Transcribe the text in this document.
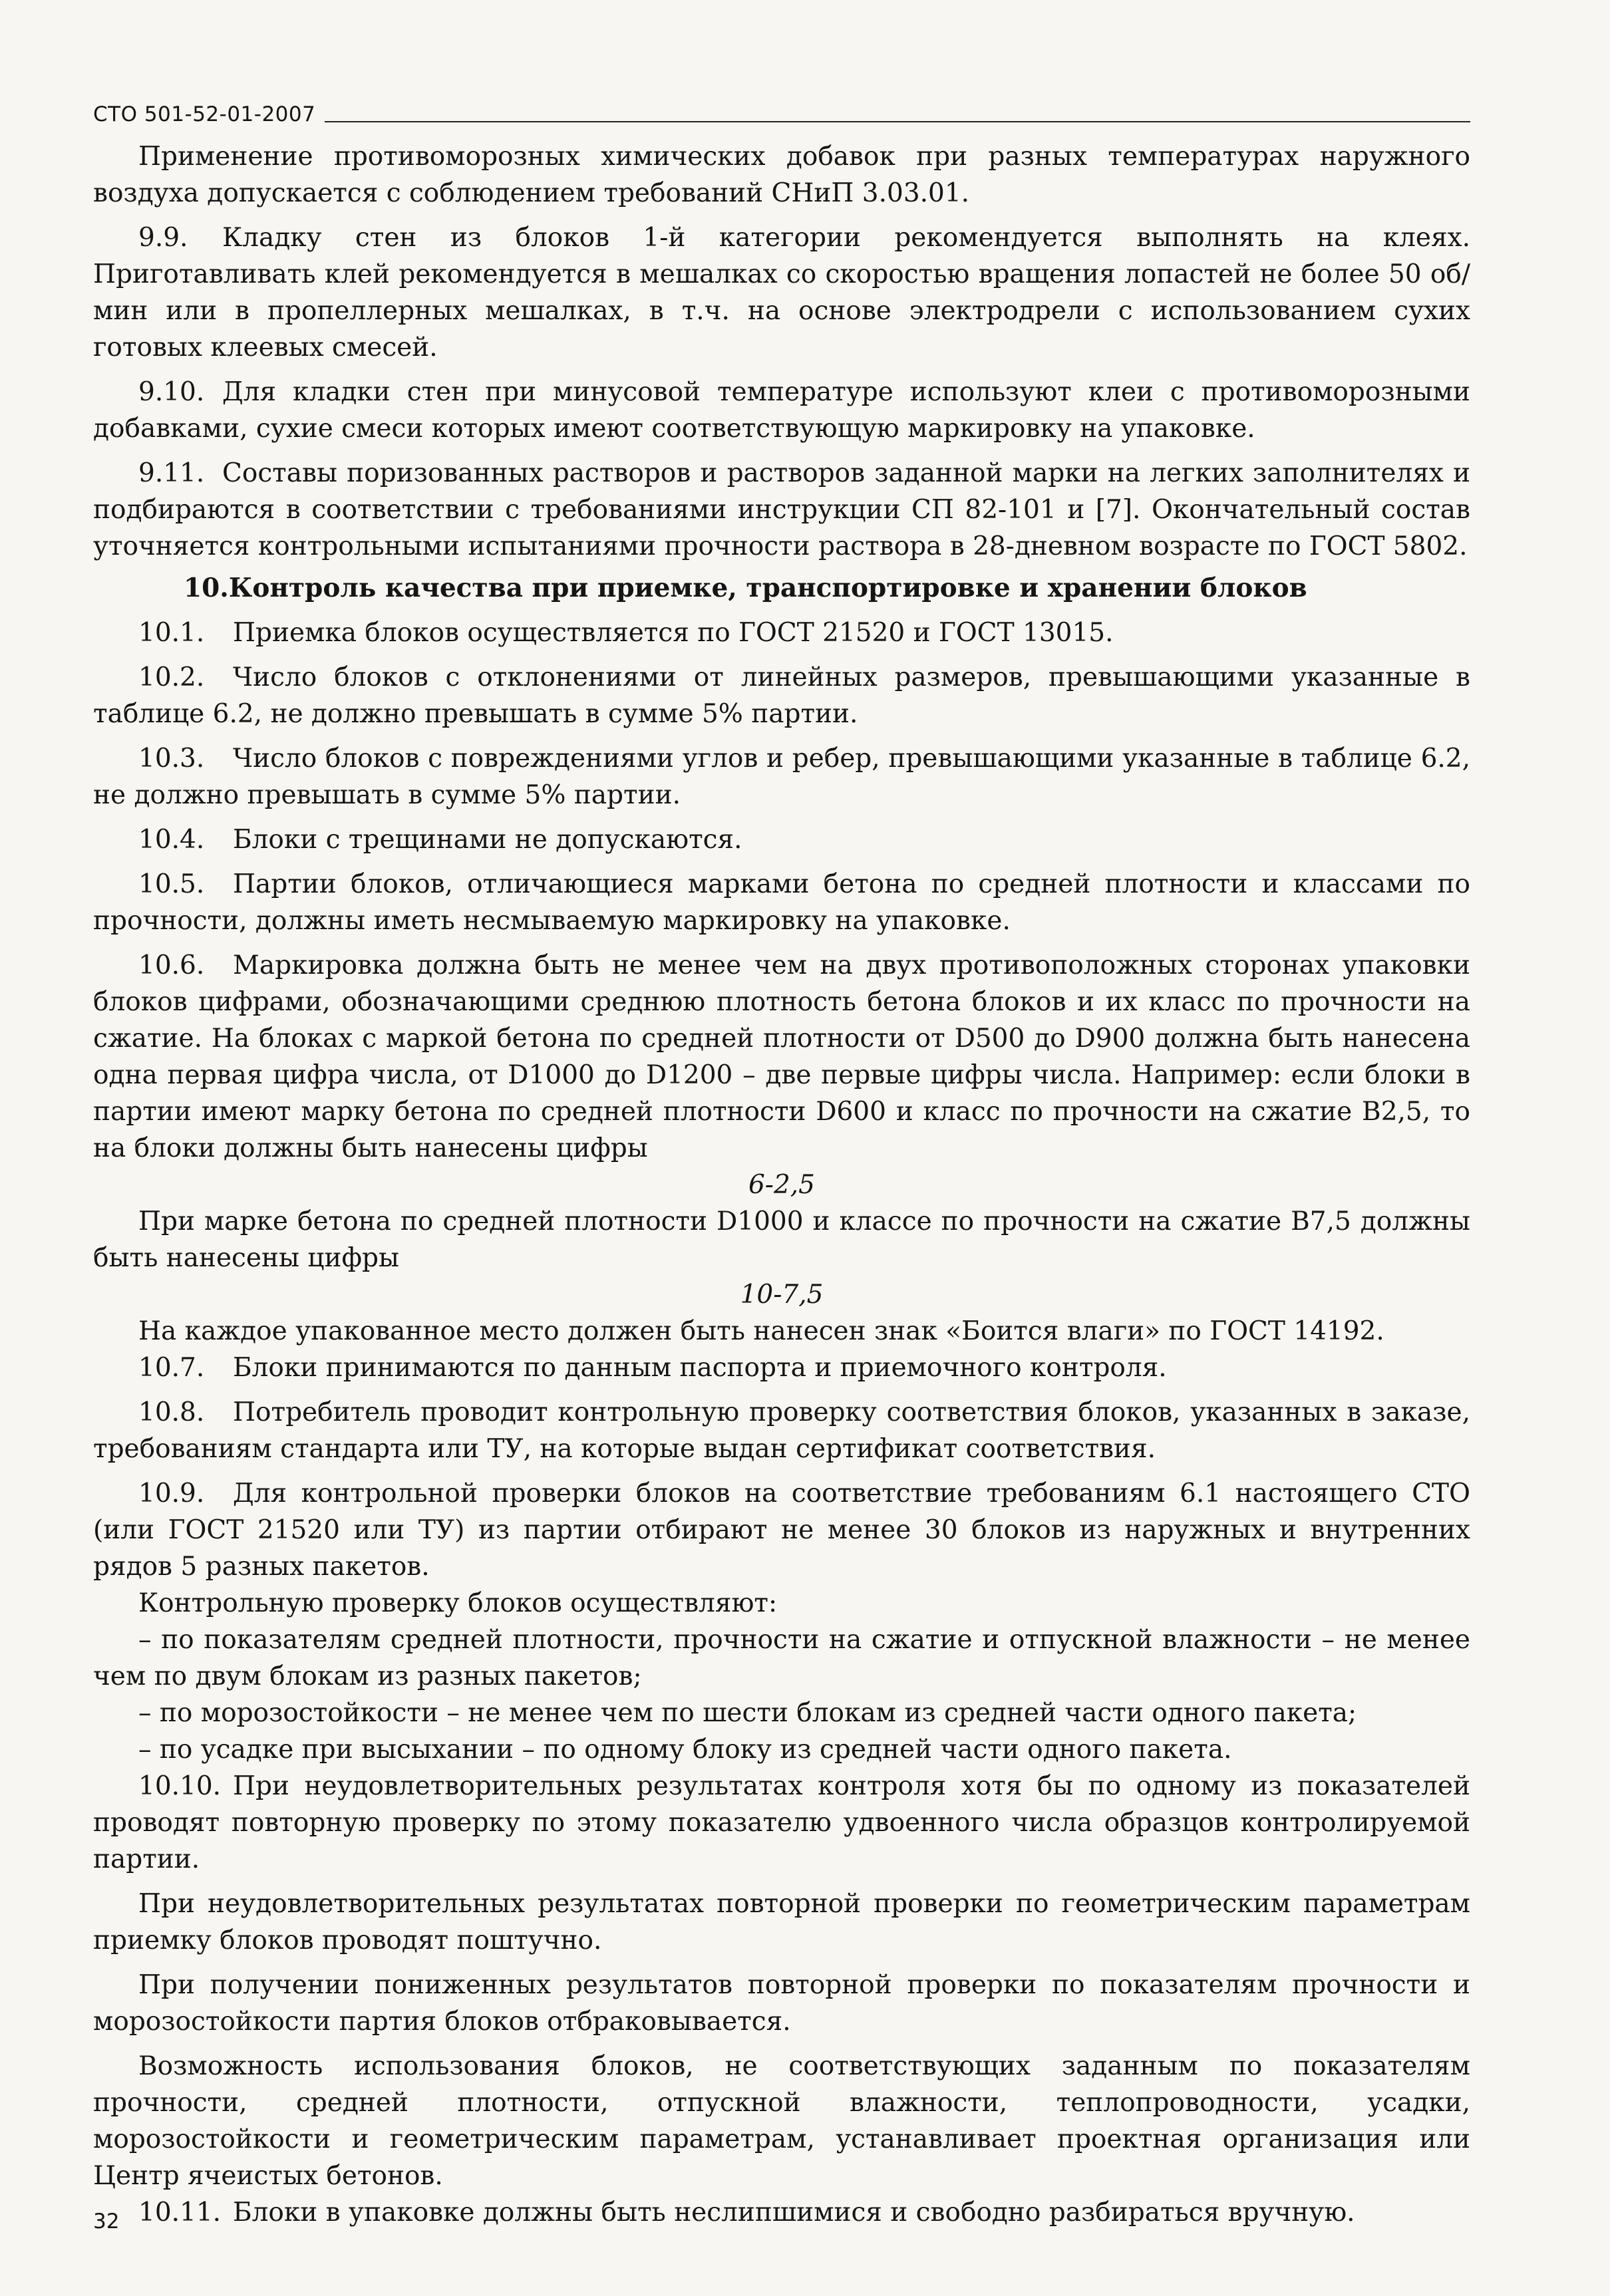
СТО 501-52-01-2007

Применение противоморозных химических добавок при разных температурах наружного воздуха допускается с соблюдением требований СНиП 3.03.01.

9.9. Кладку стен из блоков 1-й категории рекомендуется выполнять на клеях. Приготавливать клей рекомендуется в мешалках со скоростью вращения лопастей не более 50 об/мин или в пропеллерных мешалках, в т.ч. на основе электродрели с использованием сухих готовых клеевых смесей.

9.10. Для кладки стен при минусовой температуре используют клеи с противоморозными добавками, сухие смеси которых имеют соответствующую маркировку на упаковке.

9.11. Составы поризованных растворов и растворов заданной марки на легких заполнителях и подбираются в соответствии с требованиями инструкции СП 82-101 и [7]. Окончательный состав уточняется контрольными испытаниями прочности раствора в 28-дневном возрасте по ГОСТ 5802.

10.Контроль качества при приемке, транспортировке и хранении блоков

10.1. Приемка блоков осуществляется по ГОСТ 21520 и ГОСТ 13015.

10.2. Число блоков с отклонениями от линейных размеров, превышающими указанные в таблице 6.2, не должно превышать в сумме 5% партии.

10.3. Число блоков с повреждениями углов и ребер, превышающими указанные в таблице 6.2, не должно превышать в сумме 5% партии.

10.4. Блоки с трещинами не допускаются.

10.5. Партии блоков, отличающиеся марками бетона по средней плотности и классами по прочности, должны иметь несмываемую маркировку на упаковке.

10.6. Маркировка должна быть не менее чем на двух противоположных сторонах упаковки блоков цифрами, обозначающими среднюю плотность бетона блоков и их класс по прочности на сжатие. На блоках с маркой бетона по средней плотности от D500 до D900 должна быть нанесена одна первая цифра числа, от D1000 до D1200 – две первые цифры числа. Например: если блоки в партии имеют марку бетона по средней плотности D600 и класс по прочности на сжатие В2,5, то на блоки должны быть нанесены цифры

6-2,5

При марке бетона по средней плотности D1000 и классе по прочности на сжатие В7,5 должны быть нанесены цифры

10-7,5

На каждое упакованное место должен быть нанесен знак «Боится влаги» по ГОСТ 14192.

10.7. Блоки принимаются по данным паспорта и приемочного контроля.

10.8. Потребитель проводит контрольную проверку соответствия блоков, указанных в заказе, требованиям стандарта или ТУ, на которые выдан сертификат соответствия.

10.9. Для контрольной проверки блоков на соответствие требованиям 6.1 настоящего СТО (или ГОСТ 21520 или ТУ) из партии отбирают не менее 30 блоков из наружных и внутренних рядов 5 разных пакетов.

Контрольную проверку блоков осуществляют:

– по показателям средней плотности, прочности на сжатие и отпускной влажности – не менее чем по двум блокам из разных пакетов;

– по морозостойкости – не менее чем по шести блокам из средней части одного пакета;

– по усадке при высыхании – по одному блоку из средней части одного пакета.

10.10. При неудовлетворительных результатах контроля хотя бы по одному из показателей проводят повторную проверку по этому показателю удвоенного числа образцов контролируемой партии.

При неудовлетворительных результатах повторной проверки по геометрическим параметрам приемку блоков проводят поштучно.

При получении пониженных результатов повторной проверки по показателям прочности и морозостойкости партия блоков отбраковывается.

Возможность использования блоков, не соответствующих заданным по показателям прочности, средней плотности, отпускной влажности, теплопроводности, усадки, морозостойкости и геометрическим параметрам, устанавливает проектная организация или Центр ячеистых бетонов.

10.11. Блоки в упаковке должны быть неслипшимися и свободно разбираться вручную.

32
